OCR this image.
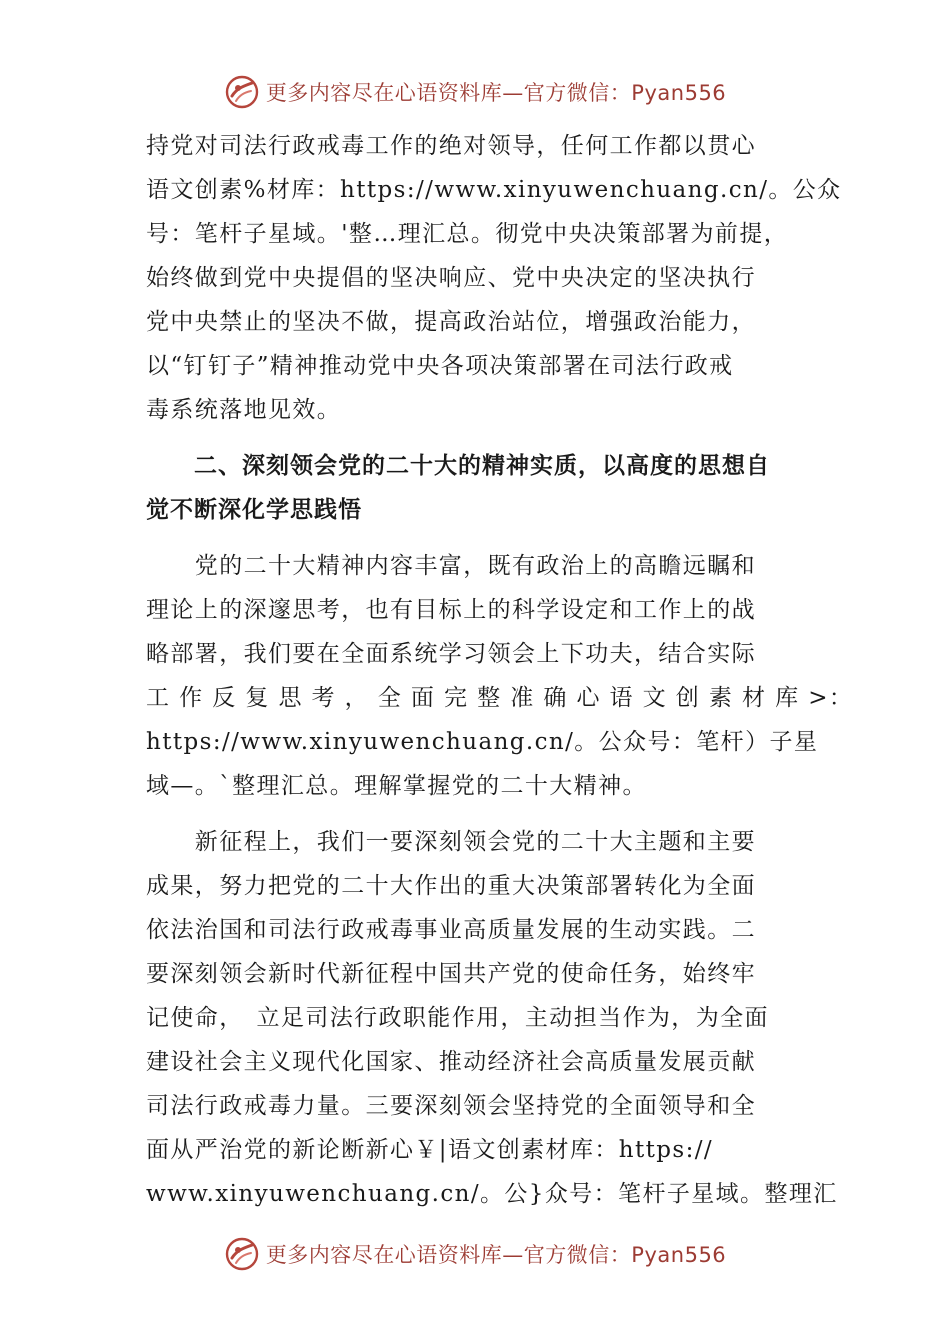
更多内容尽在心语资料库—官方微信：Pyan556
持党对司法行政戒毒工作的绝对领导，任何工作都以贯心
语文创素%材库：https://www.xinyuwenchuang.cn/。公众
号：笔杆子星域。'整…理汇总。彻党中央决策部署为前提，
始终做到党中央提倡的坚决响应、党中央决定的坚决执行
党中央禁止的坚决不做，提高政治站位，增强政治能力，
以“钉钉子”精神推动党中央各项决策部署在司法行政戒
毒系统落地见效。
　　二、深刻领会党的二十大的精神实质，以高度的思想自
觉不断深化学思践悟
　　党的二十大精神内容丰富，既有政治上的高瞻远瞩和
理论上的深邃思考，也有目标上的科学设定和工作上的战
略部署，我们要在全面系统学习领会上下功夫，结合实际
工 作 反 复 思 考 ， 全 面 完 整 准 确 心 语 文 创 素 材 库 >：
https://www.xinyuwenchuang.cn/。公众号：笔杆）子星
域—。`整理汇总。理解掌握党的二十大精神。
　　新征程上，我们一要深刻领会党的二十大主题和主要
成果，努力把党的二十大作出的重大决策部署转化为全面
依法治国和司法行政戒毒事业高质量发展的生动实践。二
要深刻领会新时代新征程中国共产党的使命任务，始终牢
记使命，　立足司法行政职能作用，主动担当作为，为全面
建设社会主义现代化国家、推动经济社会高质量发展贡献
司法行政戒毒力量。三要深刻领会坚持党的全面领导和全
面从严治党的新论断新心￥|语文创素材库：https://
www.xinyuwenchuang.cn/。公}众号：笔杆子星域。整理汇
更多内容尽在心语资料库—官方微信：Pyan556
